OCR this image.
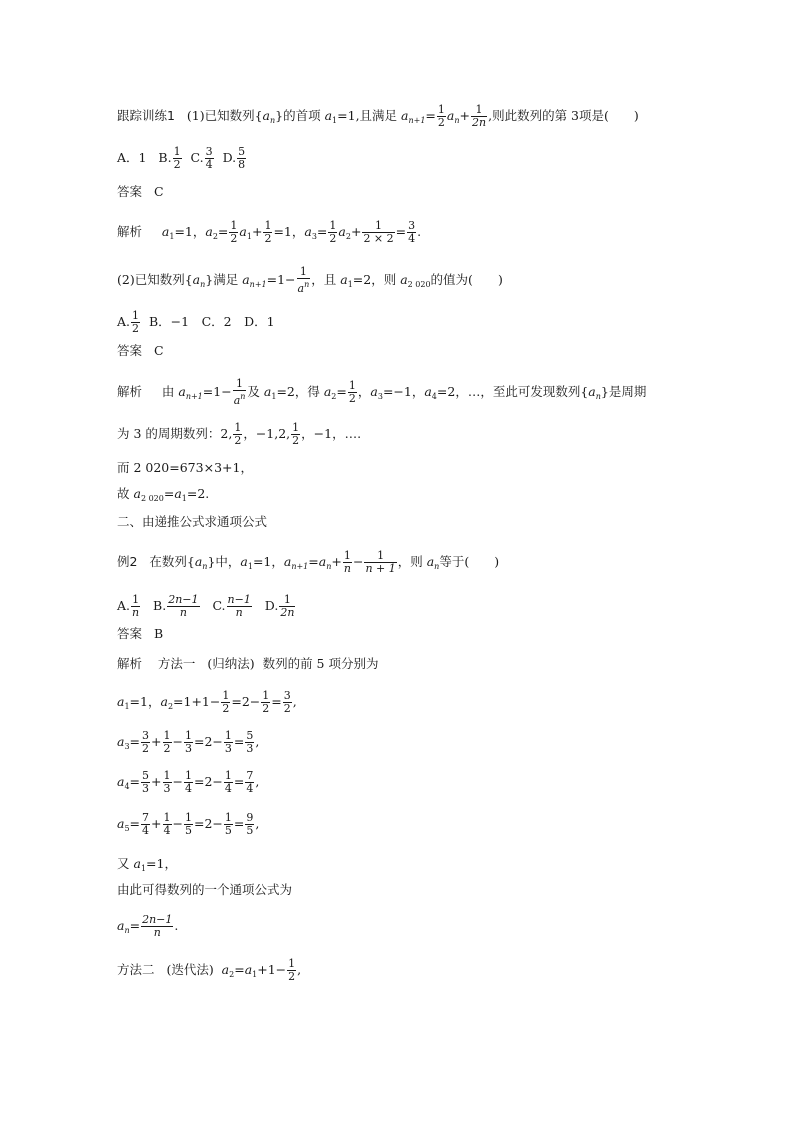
跟踪训练1 (1)已知数列$\{a_n\}$的首项 $a_1=1$,且满足 $a_{n+1}= \frac{1}{2} a_n+ \frac{1}{2n}$ ,则此数列的第 3项是(　　)
A．1 B. $\frac{1}{2} C$. $\frac{3}{4} D$. $\frac{5}{8}$
答案 C
解析 $a_1=1$，$a_2= \frac{1}{2} a_1+ \frac{1}{2} =1$，$a_3= \frac{1}{2} a_2+ \frac{1}{2 \times 2} = \frac{3}{4}$ .
(2)已知数列$\{a_n\}$满足 $a_{n+1}=1- \frac{1}{a^n}$ ，且 $a_1=2$，则 $a_{2 020}$的值为(　　)
A. $\frac{1}{2}$ B．−1　C．2　D．1
答案 C
解析 由 $a_{n+1}=1- \frac{1}{a^n}$ 及 $a_1=2$，得 $a_2= \frac{1}{2}$ ，$a_3=-1$，$a_4=2$，…，至此可发现数列$\{a_n\}$是周期
为 3 的周期数列：2, $\frac{1}{2}$ ，−1,2, $\frac{1}{2}$ ，−1，….
而 2 020=673×3+1，
故 $a_{2 020}=a_1=2$.
二、由递推公式求通项公式
例2 在数列$\{a_n\}$中，$a_1=1$，$a_{n+1}=a_n+ \frac{1}{n} - \frac{1}{n + 1}$ ，则 $a_n$等于(　　)
A. $\frac{1}{n} B$. $\frac{2n-1}{n} C$. $\frac{n-1}{n} D$. $\frac{1}{2n}$
答案 B
解析 方法一 (归纳法) 数列的前 5 项分别为
$a_1=1$，$a_2=1+1- \frac{1}{2} =2- \frac{1}{2} = \frac{3}{2}$ ,
$a_3= \frac{3}{2} + \frac{1}{2} - \frac{1}{3} =2- \frac{1}{3} = \frac{5}{3}$ ,
$a_4= \frac{5}{3} + \frac{1}{3} - \frac{1}{4} =2- \frac{1}{4} = \frac{7}{4}$ ,
$a_5= \frac{7}{4} + \frac{1}{4} - \frac{1}{5} =2- \frac{1}{5} = \frac{9}{5}$ ,
又 $a_1=1$，
由此可得数列的一个通项公式为
$a_n= \frac{2n-1}{n}$ .
方法二 (迭代法) $a_2=a_1+1- \frac{1}{2}$ ,
